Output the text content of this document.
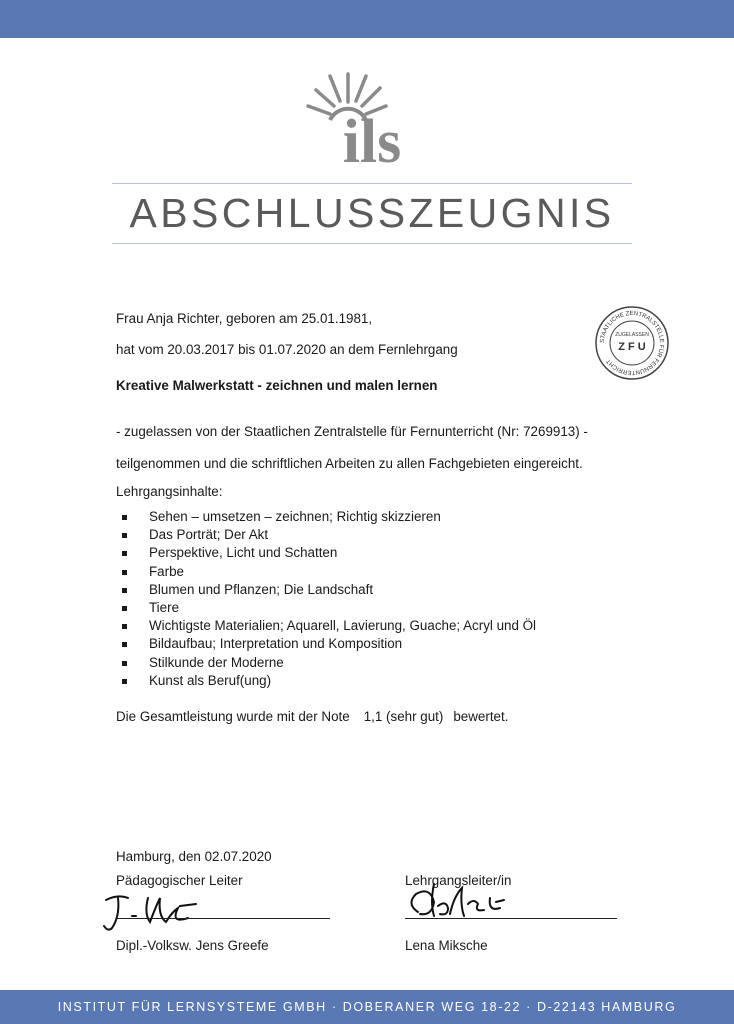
ils
ABSCHLUSSZEUGNIS
STAATLICHE ZENTRALSTELLE FÜR FERNUNTERRICHT
ZUGELASSEN
Z F U
Frau Anja Richter, geboren am 25.01.1981,
hat vom 20.03.2017 bis 01.07.2020 an dem Fernlehrgang
Kreative Malwerkstatt - zeichnen und malen lernen
- zugelassen von der Staatlichen Zentralstelle für Fernunterricht (Nr: 7269913) -
teilgenommen und die schriftlichen Arbeiten zu allen Fachgebieten eingereicht.
Lehrgangsinhalte:
Sehen – umsetzen – zeichnen; Richtig skizzieren
Das Porträt; Der Akt
Perspektive, Licht und Schatten
Farbe
Blumen und Pflanzen; Die Landschaft
Tiere
Wichtigste Materialien; Aquarell, Lavierung, Guache; Acryl und Öl
Bildaufbau; Interpretation und Komposition
Stilkunde der Moderne
Kunst als Beruf(ung)
Die Gesamtleistung wurde mit der Note 1,1 (sehr gut) bewertet.
Hamburg, den 02.07.2020
Pädagogischer Leiter
Dipl.-Volksw. Jens Greefe
Lehrgangsleiter/in
Lena Miksche
INSTITUT FÜR LERNSYSTEME GMBH · DOBERANER WEG 18-22 · D-22143 HAMBURG
